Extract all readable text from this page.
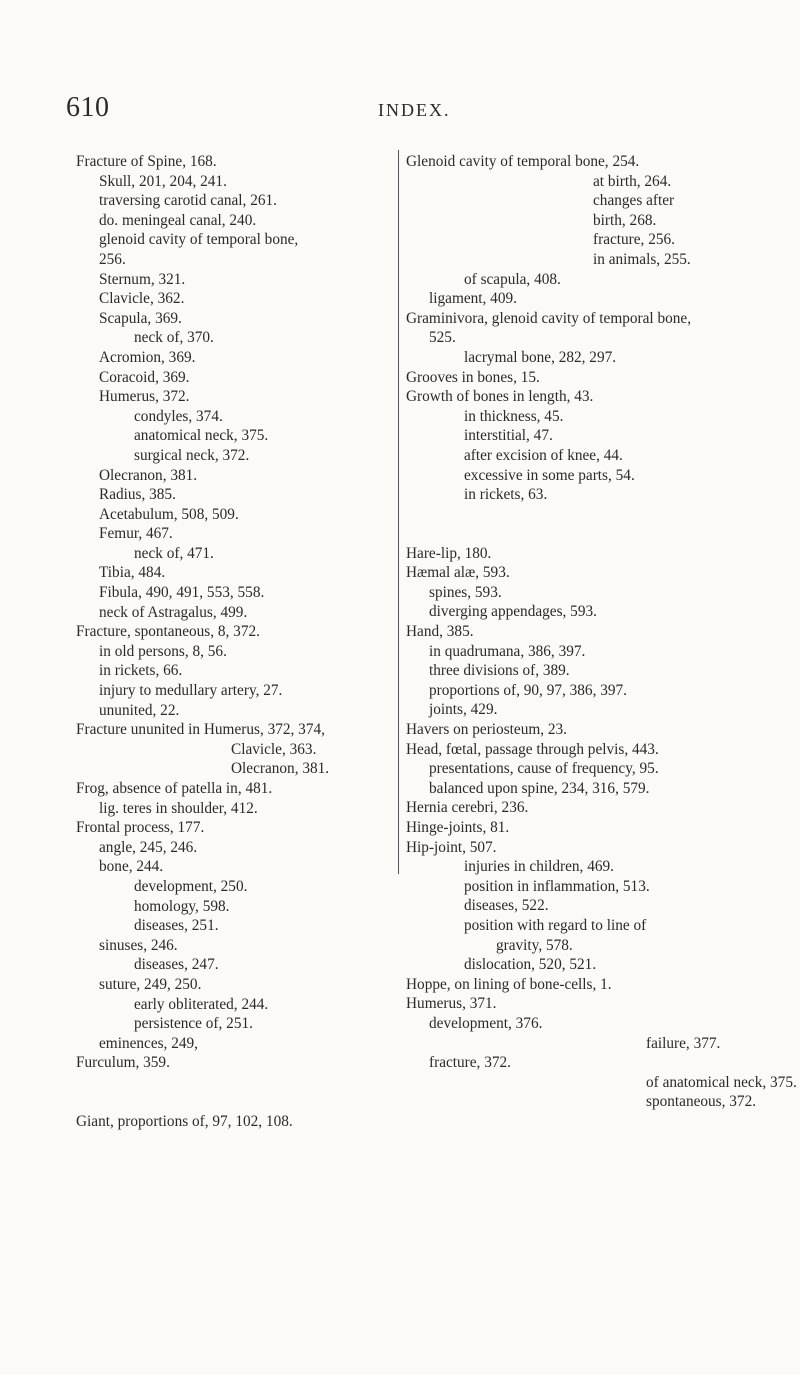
610	INDEX.
Fracture of Spine, 168.
Skull, 201, 204, 241.
traversing carotid canal, 261.
do. meningeal canal, 240.
glenoid cavity of temporal bone,
256.
Sternum, 321.
Clavicle, 362.
Scapula, 369.
neck of, 370.
Acromion, 369.
Coracoid, 369.
Humerus, 372.
condyles, 374.
anatomical neck, 375.
surgical neck, 372.
Olecranon, 381.
Radius, 385.
Acetabulum, 508, 509.
Femur, 467.
neck of, 471.
Tibia, 484.
Fibula, 490, 491, 553, 558.
neck of Astragalus, 499.
Fracture, spontaneous, 8, 372.
in old persons, 8, 56.
in rickets, 66.
injury to medullary artery, 27.
ununited, 22.
Fracture ununited in Humerus, 372, 374,
Clavicle, 363.
Olecranon, 381.
Frog, absence of patella in, 481.
lig. teres in shoulder, 412.
Frontal process, 177.
angle, 245, 246.
bone, 244.
development, 250.
homology, 598.
diseases, 251.
sinuses, 246.
diseases, 247.
suture, 249, 250.
early obliterated, 244.
persistence of, 251.
eminences, 249,
Furculum, 359.
Giant, proportions of, 97, 102, 108.
Glenoid cavity of temporal bone, 254.
at birth, 264.
changes after
birth, 268.
fracture, 256.
in animals, 255.
of scapula, 408.
ligament, 409.
Graminivora, glenoid cavity of temporal bone,
525.
lacrymal bone, 282, 297.
Grooves in bones, 15.
Growth of bones in length, 43.
in thickness, 45.
interstitial, 47.
after excision of knee, 44.
excessive in some parts, 54.
in rickets, 63.
Hare-lip, 180.
Hæmal alæ, 593.
spines, 593.
diverging appendages, 593.
Hand, 385.
in quadrumana, 386, 397.
three divisions of, 389.
proportions of, 90, 97, 386, 397.
joints, 429.
Havers on periosteum, 23.
Head, fœtal, passage through pelvis, 443.
presentations, cause of frequency, 95.
balanced upon spine, 234, 316, 579.
Hernia cerebri, 236.
Hinge-joints, 81.
Hip-joint, 507.
injuries in children, 469.
position in inflammation, 513.
diseases, 522.
position with regard to line of
gravity, 578.
dislocation, 520, 521.
Hoppe, on lining of bone-cells, 1.
Humerus, 371.
development, 376.
failure, 377.
fracture, 372.
of anatomical neck, 375.
spontaneous, 372.
